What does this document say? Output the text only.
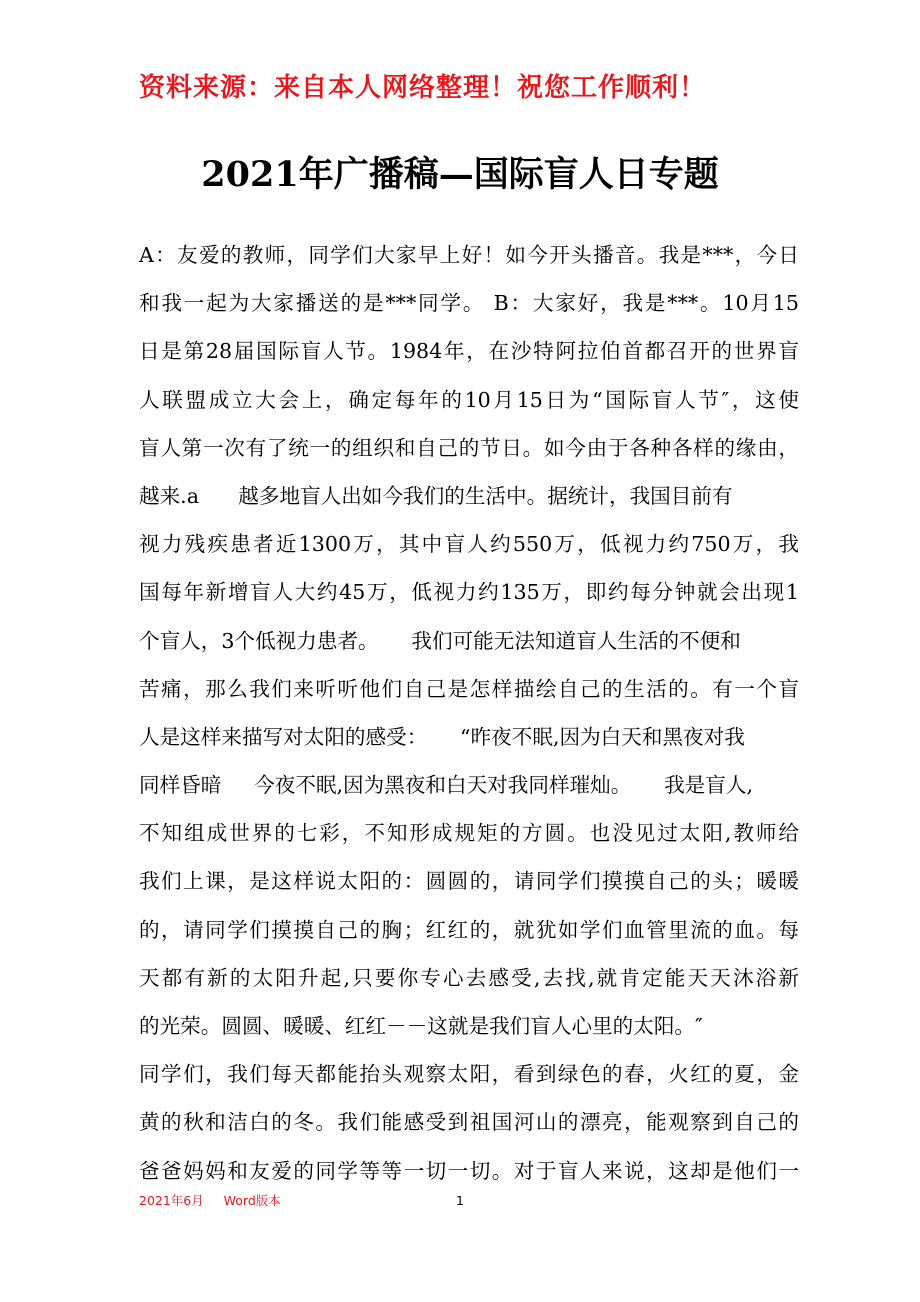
资料来源：来自本人网络整理！祝您工作顺利！
2021年广播稿—国际盲人日专题
A：友爱的教师，同学们大家早上好！如今开头播音。我是***，今日
和我一起为大家播送的是***同学。 B：大家好，我是***。10月15
日是第28届国际盲人节。1984年，在沙特阿拉伯首都召开的世界盲
人联盟成立大会上，确定每年的10月15日为“国际盲人节″，这使
盲人第一次有了统一的组织和自己的节日。如今由于各种各样的缘由，
越来.a      越多地盲人出如今我们的生活中。据统计，我国目前有
视力残疾患者近1300万，其中盲人约550万，低视力约750万，我
国每年新增盲人大约45万，低视力约135万，即约每分钟就会出现1
个盲人，3个低视力患者。     我们可能无法知道盲人生活的不便和
苦痛，那么我们来听听他们自己是怎样描绘自己的生活的。有一个盲
人是这样来描写对太阳的感受：     “昨夜不眠,因为白天和黑夜对我
同样昏暗     今夜不眠,因为黑夜和白天对我同样璀灿。     我是盲人,
不知组成世界的七彩，不知形成规矩的方圆。也没见过太阳,教师给
我们上课，是这样说太阳的：圆圆的，请同学们摸摸自己的头；暖暖
的，请同学们摸摸自己的胸；红红的，就犹如学们血管里流的血。每
天都有新的太阳升起,只要你专心去感受,去找,就肯定能天天沐浴新
的光荣。圆圆、暖暖、红红－－这就是我们盲人心里的太阳。″
同学们，我们每天都能抬头观察太阳，看到绿色的春，火红的夏，金
黄的秋和洁白的冬。我们能感受到祖国河山的漂亮，能观察到自己的
爸爸妈妈和友爱的同学等等一切一切。对于盲人来说，这却是他们一
2021年6月     Word版本	1
